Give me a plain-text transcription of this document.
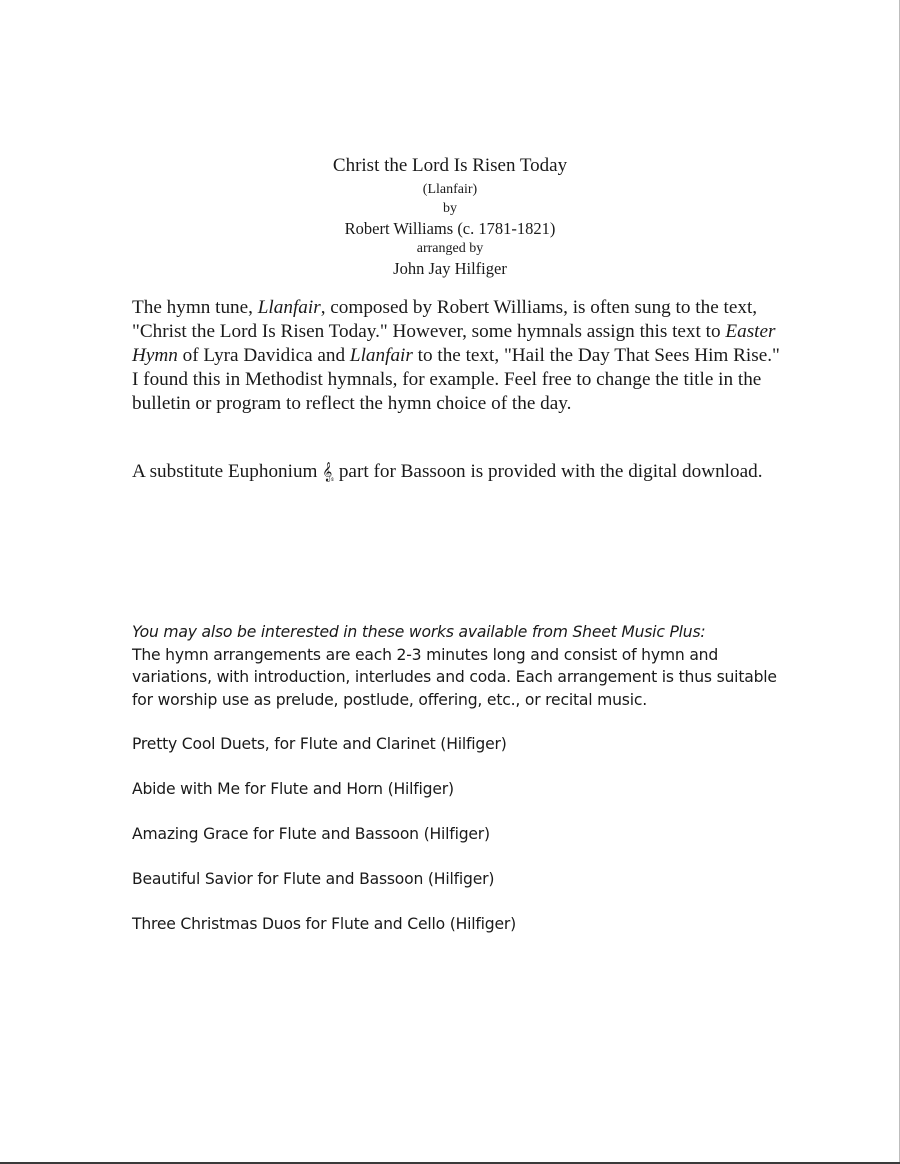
Christ the Lord Is Risen Today
(Llanfair)
by
Robert Williams (c. 1781-1821)
arranged by
John Jay Hilfiger

The hymn tune, Llanfair, composed by Robert Williams, is often sung to the text, "Christ the Lord Is Risen Today." However, some hymnals assign this text to Easter Hymn of Lyra Davidica and Llanfair to the text, "Hail the Day That Sees Him Rise." I found this in Methodist hymnals, for example. Feel free to change the title in the bulletin or program to reflect the hymn choice of the day.

A substitute Euphonium 𝄠 part for Bassoon is provided with the digital download.

You may also be interested in these works available from Sheet Music Plus:
The hymn arrangements are each 2-3 minutes long and consist of hymn and variations, with introduction, interludes and coda. Each arrangement is thus suitable for worship use as prelude, postlude, offering, etc., or recital music.

Pretty Cool Duets, for Flute and Clarinet (Hilfiger)
Abide with Me for Flute and Horn (Hilfiger)
Amazing Grace for Flute and Bassoon (Hilfiger)
Beautiful Savior for Flute and Bassoon (Hilfiger)
Three Christmas Duos for Flute and Cello (Hilfiger)
